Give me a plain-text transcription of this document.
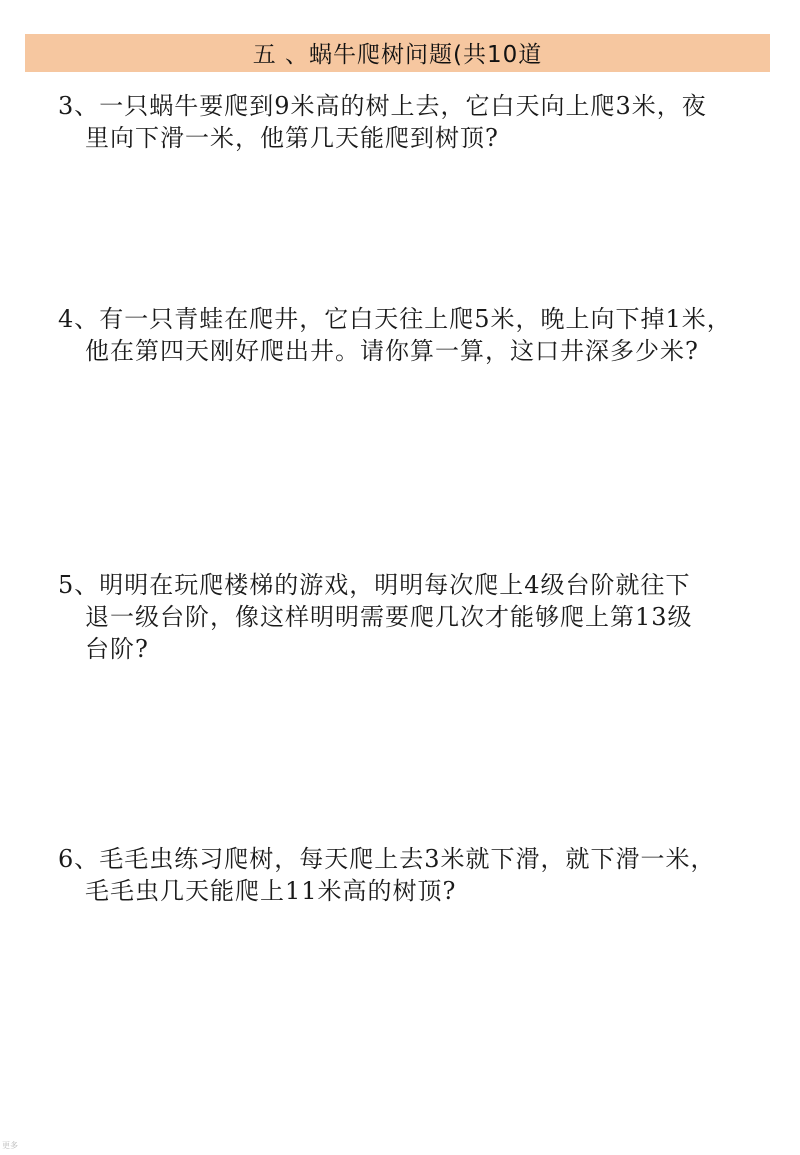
五 、蜗牛爬树问题(共10道
3、一只蜗牛要爬到9米高的树上去，它白天向上爬3米，夜
里向下滑一米，他第几天能爬到树顶?
4、有一只青蛙在爬井，它白天往上爬5米，晚上向下掉1米，
他在第四天刚好爬出井。请你算一算，这口井深多少米?
5、明明在玩爬楼梯的游戏，明明每次爬上4级台阶就往下
退一级台阶，像这样明明需要爬几次才能够爬上第13级
台阶?
6、毛毛虫练习爬树，每天爬上去3米就下滑，就下滑一米，
毛毛虫几天能爬上11米高的树顶?
更多
